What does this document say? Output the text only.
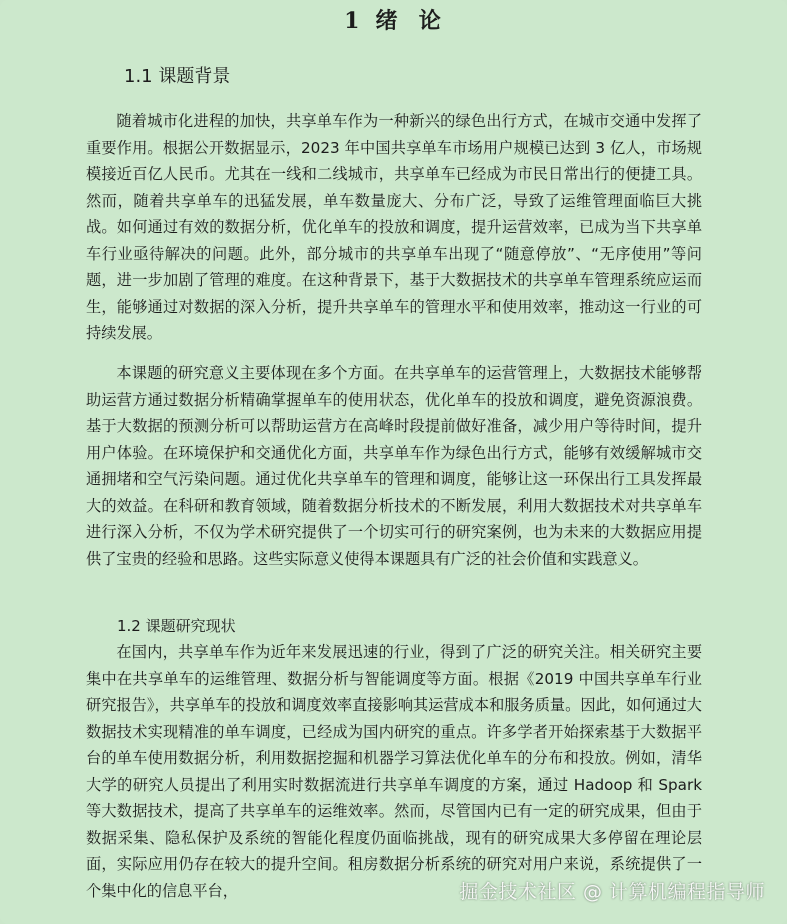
1 绪  论
1.1 课题背景

随着城市化进程的加快，共享单车作为一种新兴的绿色出行方式，在城市交通中发挥了重要作用。根据公开数据显示，2023 年中国共享单车市场用户规模已达到 3 亿人，市场规模接近百亿人民币。尤其在一线和二线城市，共享单车已经成为市民日常出行的便捷工具。然而，随着共享单车的迅猛发展，单车数量庞大、分布广泛，导致了运维管理面临巨大挑战。如何通过有效的数据分析，优化单车的投放和调度，提升运营效率，已成为当下共享单车行业亟待解决的问题。此外，部分城市的共享单车出现了“随意停放”、“无序使用”等问题，进一步加剧了管理的难度。在这种背景下，基于大数据技术的共享单车管理系统应运而生，能够通过对数据的深入分析，提升共享单车的管理水平和使用效率，推动这一行业的可持续发展。

本课题的研究意义主要体现在多个方面。在共享单车的运营管理上，大数据技术能够帮助运营方通过数据分析精确掌握单车的使用状态，优化单车的投放和调度，避免资源浪费。基于大数据的预测分析可以帮助运营方在高峰时段提前做好准备，减少用户等待时间，提升用户体验。在环境保护和交通优化方面，共享单车作为绿色出行方式，能够有效缓解城市交通拥堵和空气污染问题。通过优化共享单车的管理和调度，能够让这一环保出行工具发挥最大的效益。在科研和教育领域，随着数据分析技术的不断发展，利用大数据技术对共享单车进行深入分析，不仅为学术研究提供了一个切实可行的研究案例，也为未来的大数据应用提供了宝贵的经验和思路。这些实际意义使得本课题具有广泛的社会价值和实践意义。

1.2 课题研究现状

在国内，共享单车作为近年来发展迅速的行业，得到了广泛的研究关注。相关研究主要集中在共享单车的运维管理、数据分析与智能调度等方面。根据《2019 中国共享单车行业研究报告》，共享单车的投放和调度效率直接影响其运营成本和服务质量。因此，如何通过大数据技术实现精准的单车调度，已经成为国内研究的重点。许多学者开始探索基于大数据平台的单车使用数据分析，利用数据挖掘和机器学习算法优化单车的分布和投放。例如，清华大学的研究人员提出了利用实时数据流进行共享单车调度的方案，通过 Hadoop 和 Spark 等大数据技术，提高了共享单车的运维效率。然而，尽管国内已有一定的研究成果，但由于数据采集、隐私保护及系统的智能化程度仍面临挑战，现有的研究成果大多停留在理论层面，实际应用仍存在较大的提升空间。租房数据分析系统的研究对用户来说，系统提供了一个集中化的信息平台，	掘金技术社区 @ 计算机编程指导师
